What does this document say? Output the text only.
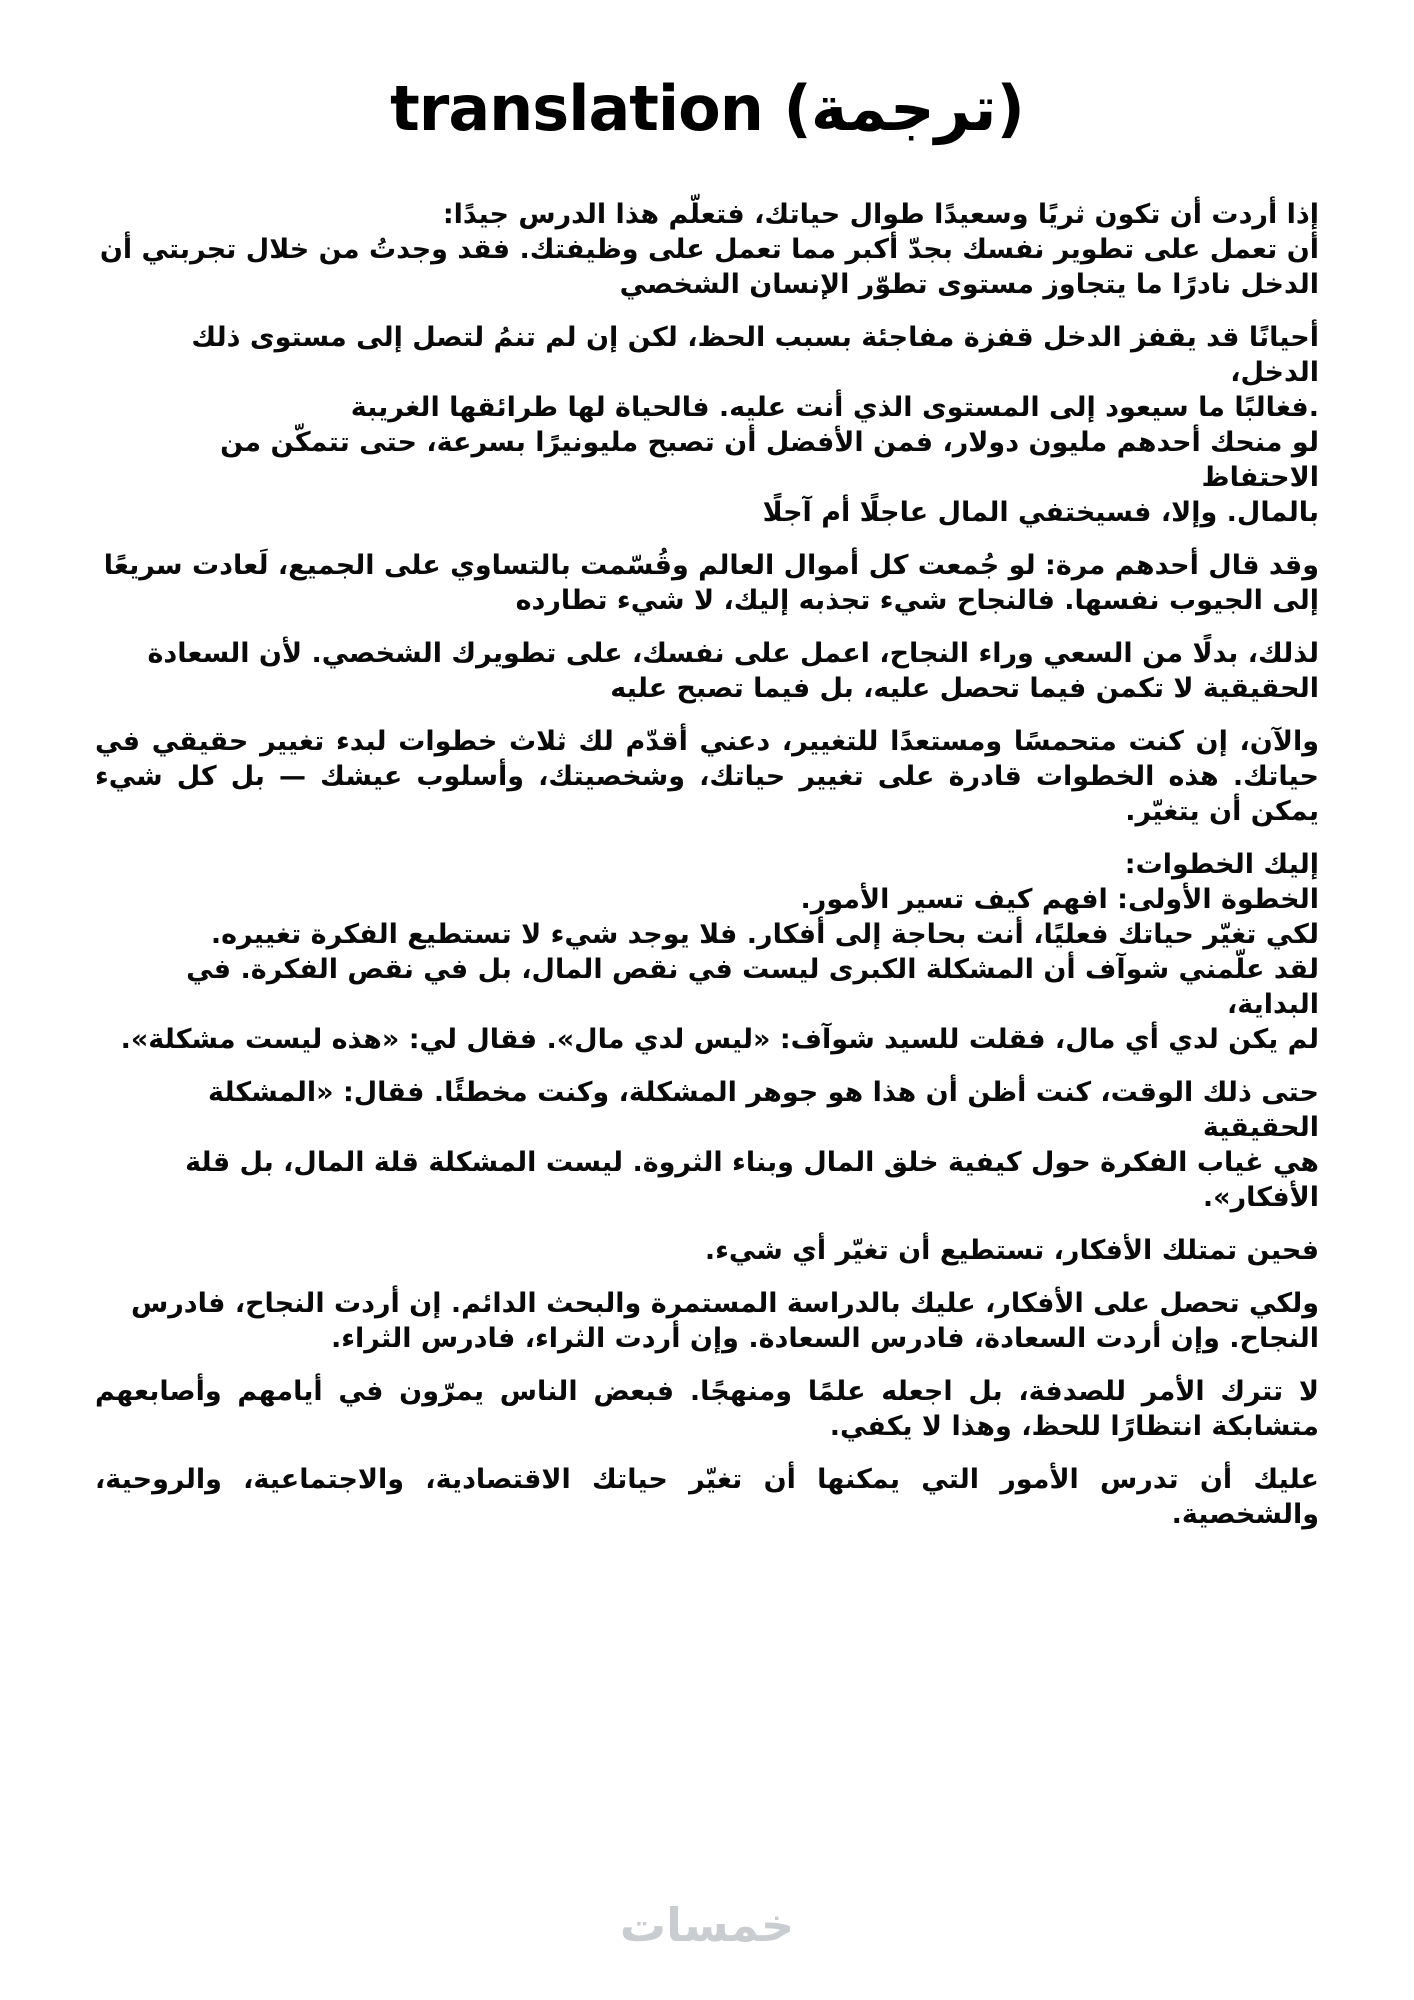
translation (ترجمة)

إذا أردت أن تكون ثريًا وسعيدًا طوال حياتك، فتعلّم هذا الدرس جيدًا:
أن تعمل على تطوير نفسك بجدّ أكبر مما تعمل على وظيفتك. فقد وجدتُ من خلال تجربتي أن
الدخل نادرًا ما يتجاوز مستوى تطوّر الإنسان الشخصي

أحيانًا قد يقفز الدخل قفزة مفاجئة بسبب الحظ، لكن إن لم تنمُ لتصل إلى مستوى ذلك الدخل،
.فغالبًا ما سيعود إلى المستوى الذي أنت عليه. فالحياة لها طرائقها الغريبة
لو منحك أحدهم مليون دولار، فمن الأفضل أن تصبح مليونيرًا بسرعة، حتى تتمكّن من الاحتفاظ
بالمال. وإلا، فسيختفي المال عاجلًا أم آجلًا

وقد قال أحدهم مرة: لو جُمعت كل أموال العالم وقُسّمت بالتساوي على الجميع، لَعادت سريعًا
إلى الجيوب نفسها. فالنجاح شيء تجذبه إليك، لا شيء تطارده

لذلك، بدلًا من السعي وراء النجاح، اعمل على نفسك، على تطويرك الشخصي. لأن السعادة
الحقيقية لا تكمن فيما تحصل عليه، بل فيما تصبح عليه

والآن، إن كنت متحمسًا ومستعدًا للتغيير، دعني أقدّم لك ثلاث خطوات لبدء تغيير حقيقي في
حياتك. هذه الخطوات قادرة على تغيير حياتك، وشخصيتك، وأسلوب عيشك — بل كل شيء
يمكن أن يتغيّر.

إليك الخطوات:
الخطوة الأولى: افهم كيف تسير الأمور.
لكي تغيّر حياتك فعليًا، أنت بحاجة إلى أفكار. فلا يوجد شيء لا تستطيع الفكرة تغييره.
لقد علّمني شوآف أن المشكلة الكبرى ليست في نقص المال، بل في نقص الفكرة. في البداية،
لم يكن لدي أي مال، فقلت للسيد شوآف: «ليس لدي مال». فقال لي: «هذه ليست مشكلة».

حتى ذلك الوقت، كنت أظن أن هذا هو جوهر المشكلة، وكنت مخطئًا. فقال: «المشكلة الحقيقية
هي غياب الفكرة حول كيفية خلق المال وبناء الثروة. ليست المشكلة قلة المال، بل قلة الأفكار».

فحين تمتلك الأفكار، تستطيع أن تغيّر أي شيء.

ولكي تحصل على الأفكار، عليك بالدراسة المستمرة والبحث الدائم. إن أردت النجاح، فادرس
النجاح. وإن أردت السعادة، فادرس السعادة. وإن أردت الثراء، فادرس الثراء.

لا تترك الأمر للصدفة، بل اجعله علمًا ومنهجًا. فبعض الناس يمرّون في أيامهم وأصابعهم
متشابكة انتظارًا للحظ، وهذا لا يكفي.

عليك أن تدرس الأمور التي يمكنها أن تغيّر حياتك الاقتصادية، والاجتماعية، والروحية،
والشخصية.

خمسات
